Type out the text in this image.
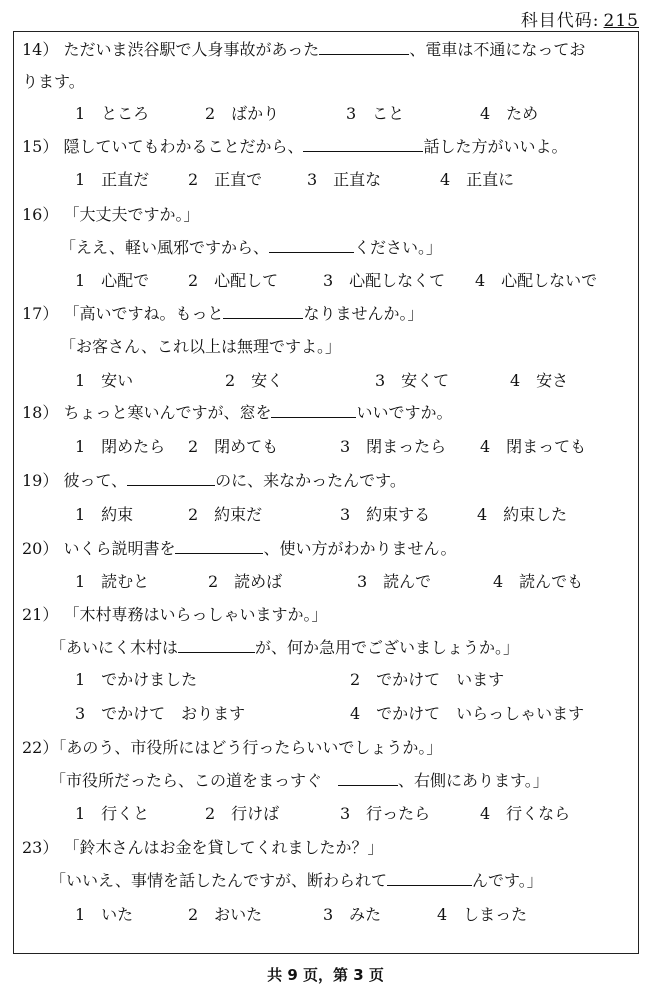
科目代码: 215
14） ただいま渋谷駅で人身事故があった	、電車は不通になってお
ります。
1　ところ	2　ばかり	3　こと	4　ため
15） 隠していてもわかることだから、	話した方がいいよ。
1　正直だ 2　正直で	3　正直な	4　正直に
16） 「大丈夫ですか。」
「ええ、軽い風邪ですから、	ください。」
1　心配で 2　心配して	3　心配しなくて 4　心配しないで
17） 「高いですね。もっと	なりませんか。」
「お客さん、これ以上は無理ですよ。」
1　安い	2　安く	3　安くて	4　安さ
18） ちょっと寒いんですが、窓を	いいですか。
1　閉めたら 2　閉めても	3　閉まったら 4　閉まっても
19） 彼って、	のに、来なかったんです。
1　約束	2　約束だ	3　約束する	4　約束した
20） いくら説明書を	、使い方がわかりません。
1　読むと	2　読めば	3　読んで	4　読んでも
21） 「木村専務はいらっしゃいますか。」
「あいにく木村は	が、何か急用でございましょうか。」
1　でかけました	2　でかけて　います
3　でかけて　おります	4　でかけて　いらっしゃいます
22）「あのう、市役所にはどう行ったらいいでしょうか。」
「市役所だったら、この道をまっすぐ 	、右側にあります。」
1　行くと	2　行けば	3　行ったら	4　行くなら
23） 「鈴木さんはお金を貸してくれましたか？」
「いいえ、事情を話したんですが、断わられて	んです。」
1　いた	2　おいた	3　みた	4　しまった
共 9 页，第 3 页
